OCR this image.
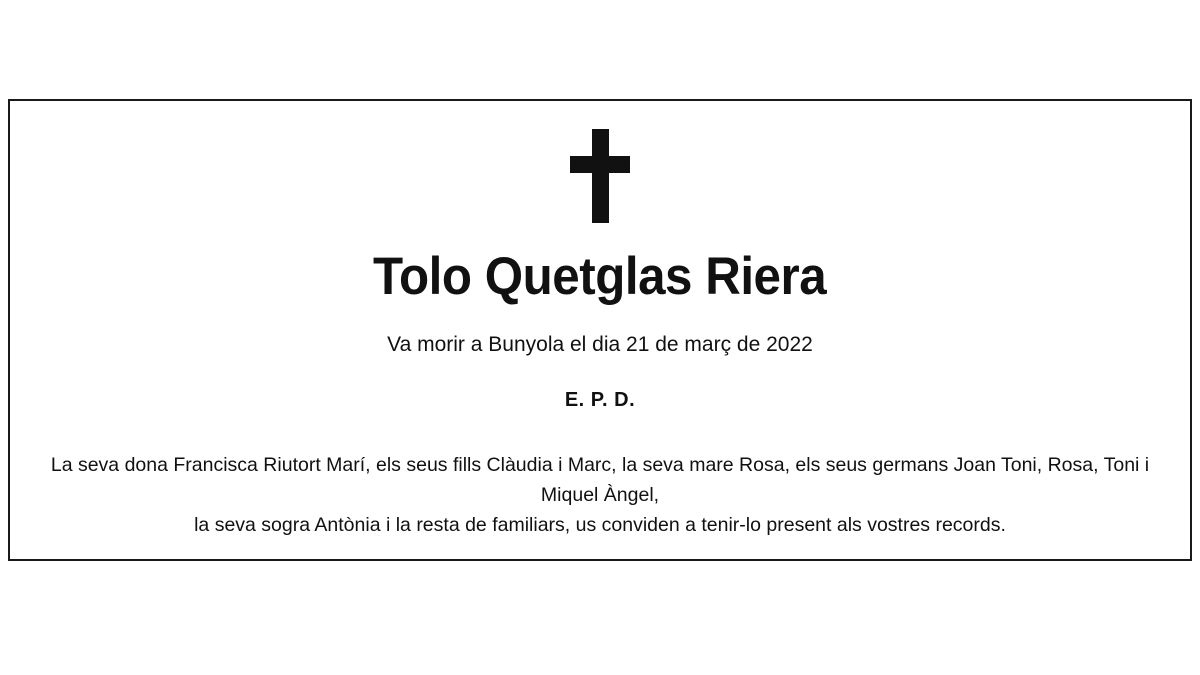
Tolo Quetglas Riera
Va morir a Bunyola el dia 21 de març de 2022
E. P. D.
La seva dona Francisca Riutort Marí, els seus fills Clàudia i Marc, la seva mare Rosa, els seus germans Joan Toni, Rosa, Toni i Miquel Àngel,
la seva sogra Antònia i la resta de familiars, us conviden a tenir-lo present als vostres records.
